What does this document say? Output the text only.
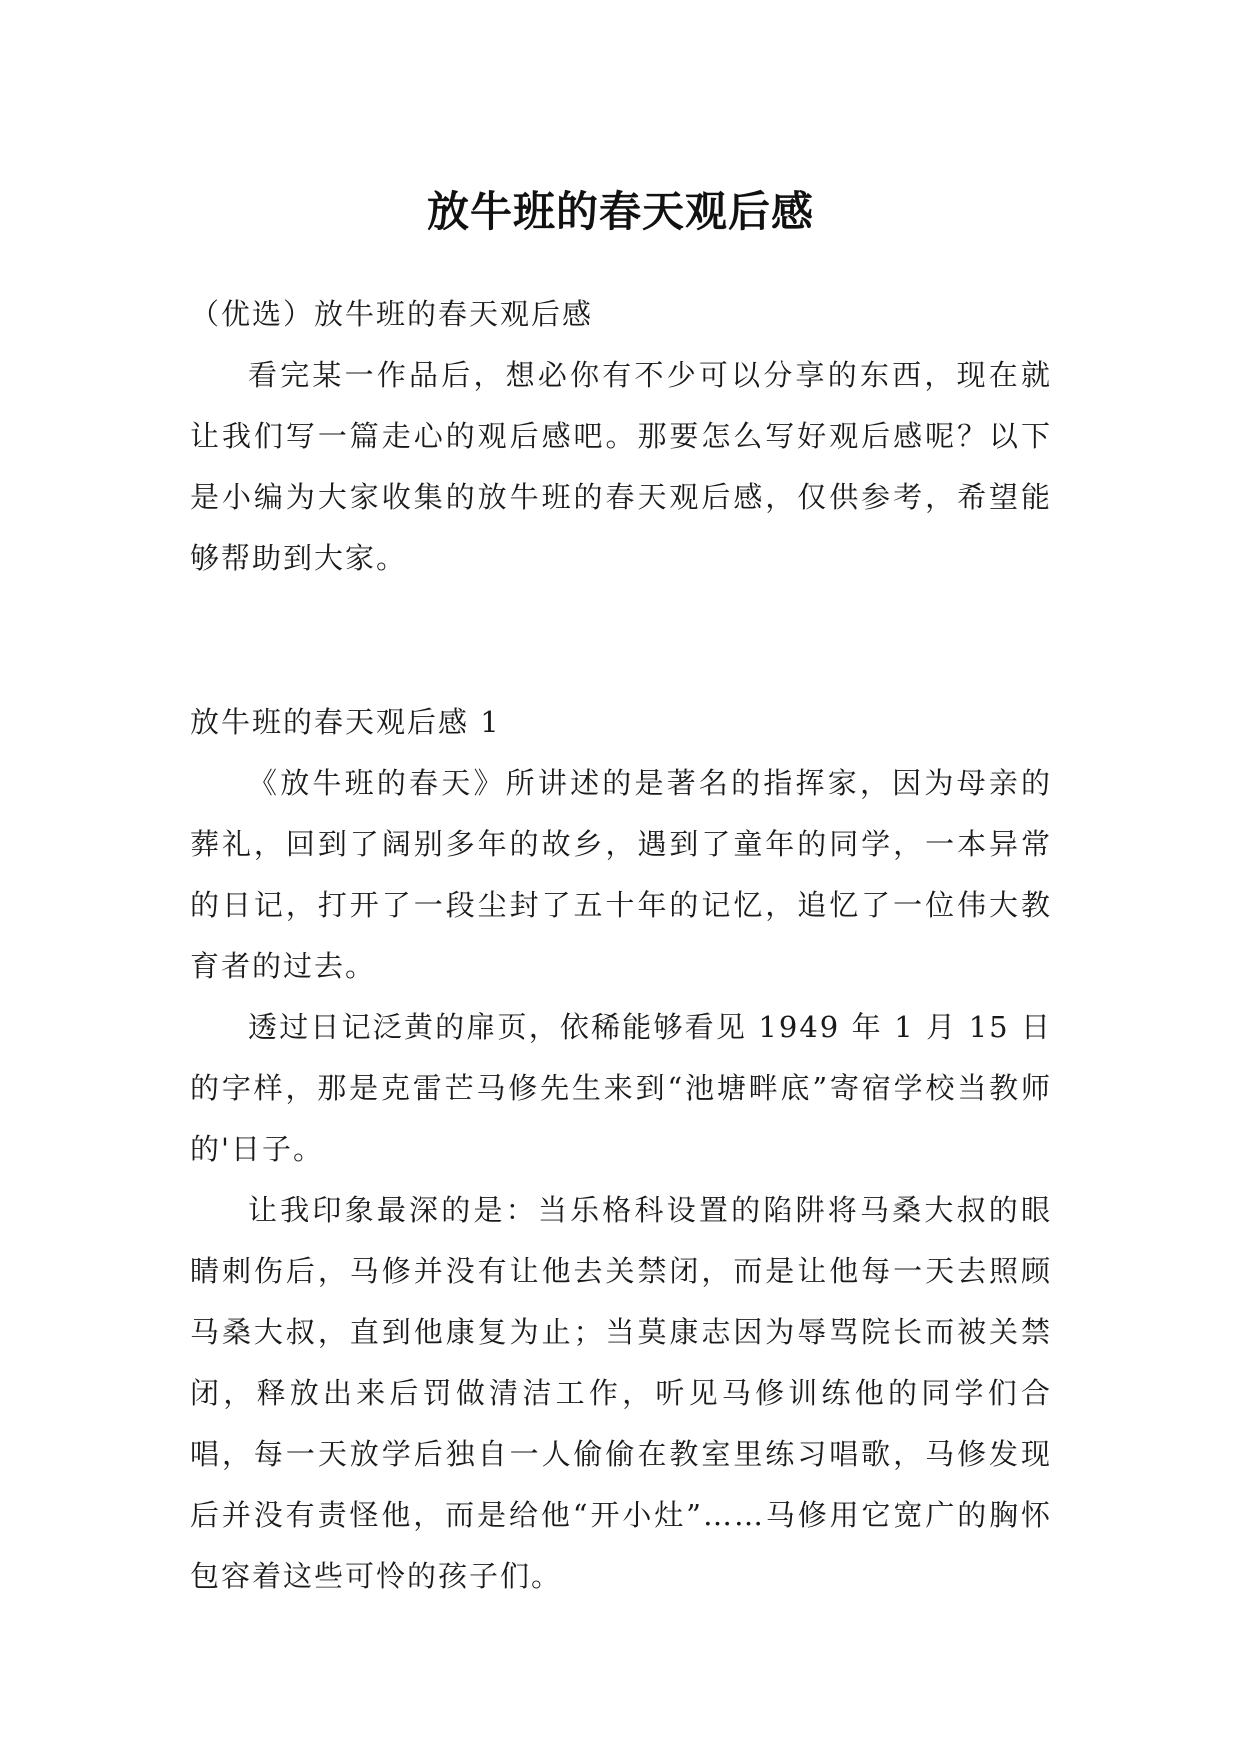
放牛班的春天观后感

（优选）放牛班的春天观后感

看完某一作品后，想必你有不少可以分享的东西，现在就让我们写一篇走心的观后感吧。那要怎么写好观后感呢？以下是小编为大家收集的放牛班的春天观后感，仅供参考，希望能够帮助到大家。

放牛班的春天观后感 1

《放牛班的春天》所讲述的是著名的指挥家，因为母亲的葬礼，回到了阔别多年的故乡，遇到了童年的同学，一本异常的日记，打开了一段尘封了五十年的记忆，追忆了一位伟大教育者的过去。

透过日记泛黄的扉页，依稀能够看见 1949 年 1 月 15 日的字样，那是克雷芒马修先生来到“池塘畔底”寄宿学校当教师的'日子。

让我印象最深的是：当乐格科设置的陷阱将马桑大叔的眼睛刺伤后，马修并没有让他去关禁闭，而是让他每一天去照顾马桑大叔，直到他康复为止；当莫康志因为辱骂院长而被关禁闭，释放出来后罚做清洁工作，听见马修训练他的同学们合唱，每一天放学后独自一人偷偷在教室里练习唱歌，马修发现后并没有责怪他，而是给他“开小灶”……马修用它宽广的胸怀包容着这些可怜的孩子们。
